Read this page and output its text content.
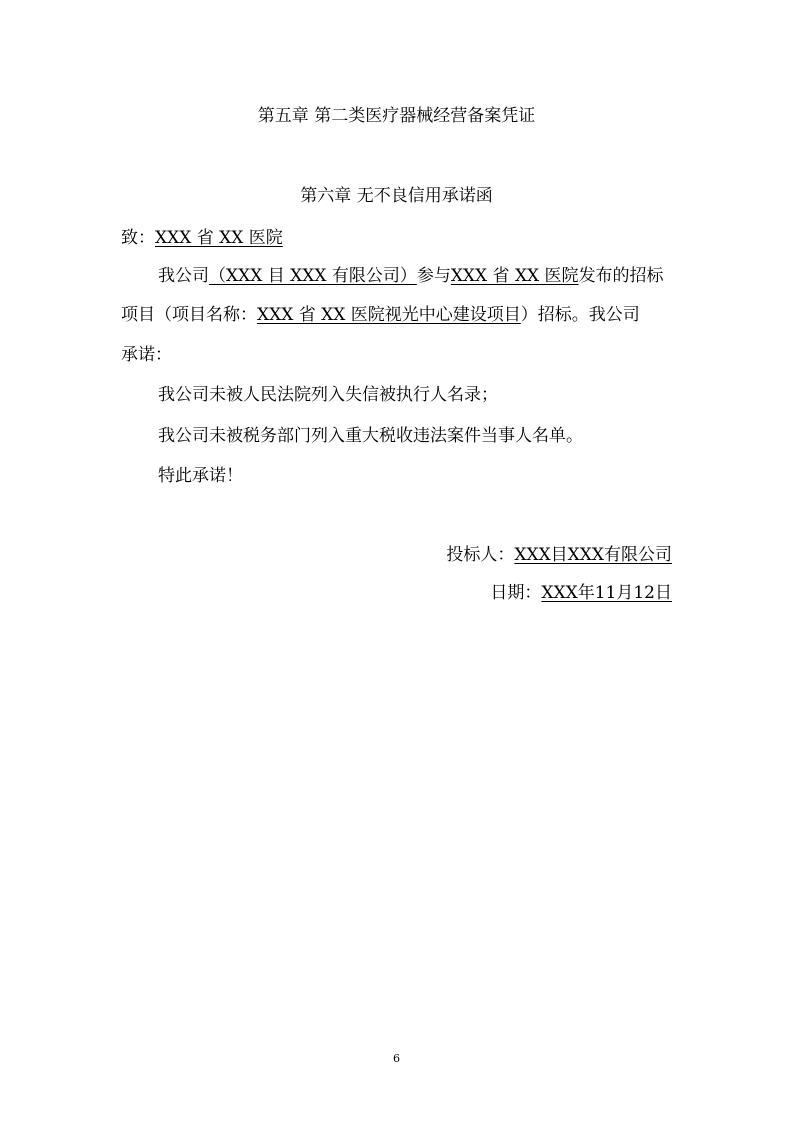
第五章 第二类医疗器械经营备案凭证
第六章 无不良信用承诺函
致：XXX 省 XX 医院
我公司（XXX 目 XXX 有限公司）参与XXX 省 XX 医院发布的招标
项目（项目名称：XXX 省 XX 医院视光中心建设项目）招标。我公司
承诺：
我公司未被人民法院列入失信被执行人名录；
我公司未被税务部门列入重大税收违法案件当事人名单。
特此承诺！
投标人：XXX目XXX有限公司
日期：XXX年11月12日
6
